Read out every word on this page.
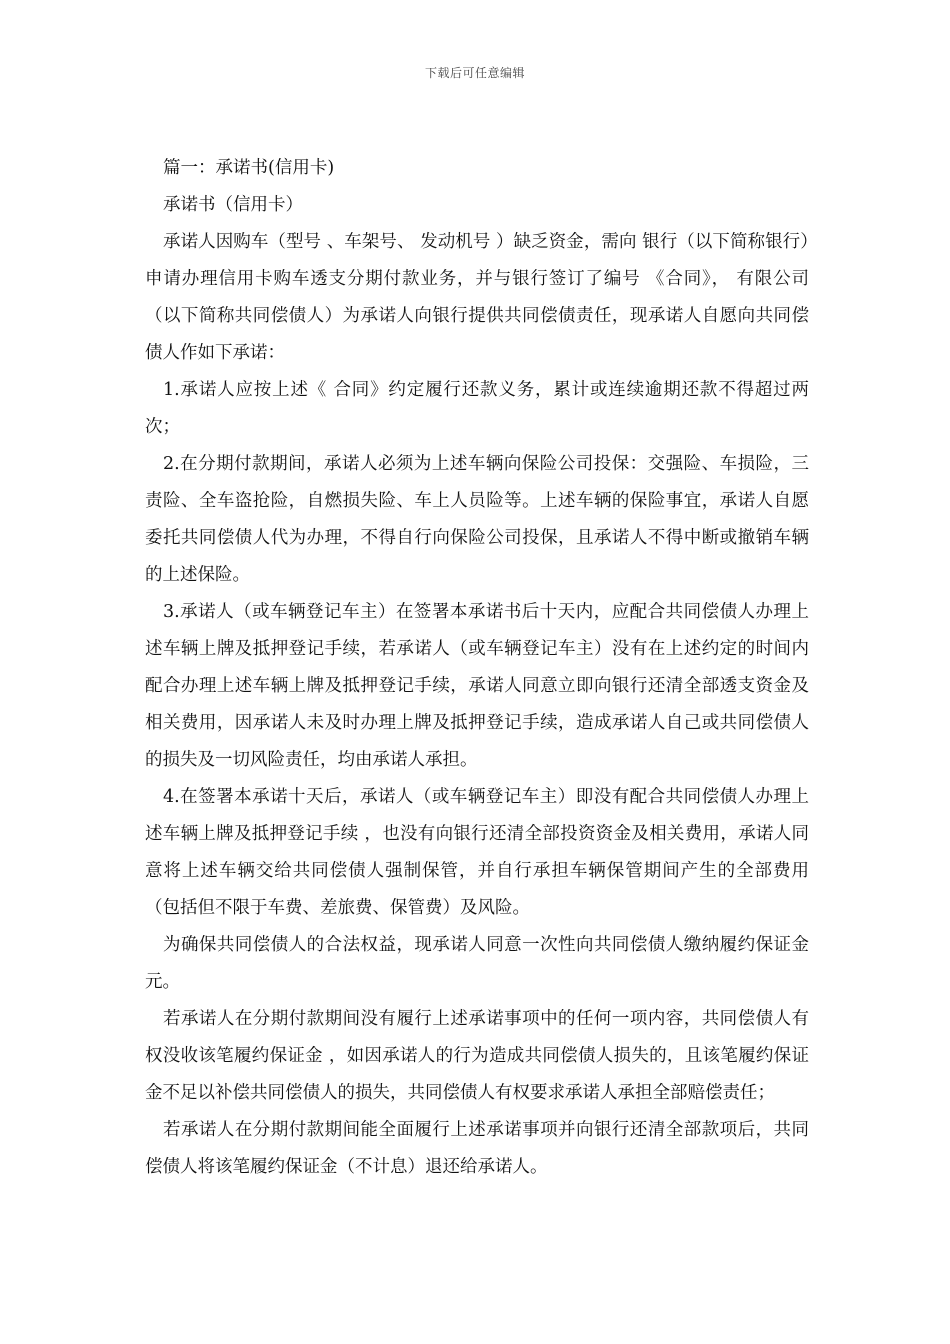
下载后可任意编辑

篇一：承诺书(信用卡)

承诺书（信用卡）

承诺人因购车（型号 、车架号、 发动机号 ）缺乏资金，需向 银行（以下简称银行）申请办理信用卡购车透支分期付款业务，并与银行签订了编号 《合同》， 有限公司（以下简称共同偿债人）为承诺人向银行提供共同偿债责任，现承诺人自愿向共同偿债人作如下承诺：

1.承诺人应按上述《 合同》约定履行还款义务，累计或连续逾期还款不得超过两次；

2.在分期付款期间，承诺人必须为上述车辆向保险公司投保：交强险、车损险，三责险、全车盗抢险，自燃损失险、车上人员险等。上述车辆的保险事宜，承诺人自愿委托共同偿债人代为办理，不得自行向保险公司投保，且承诺人不得中断或撤销车辆的上述保险。

3.承诺人（或车辆登记车主）在签署本承诺书后十天内，应配合共同偿债人办理上述车辆上牌及抵押登记手续，若承诺人（或车辆登记车主）没有在上述约定的时间内配合办理上述车辆上牌及抵押登记手续，承诺人同意立即向银行还清全部透支资金及相关费用，因承诺人未及时办理上牌及抵押登记手续，造成承诺人自己或共同偿债人的损失及一切风险责任，均由承诺人承担。

4.在签署本承诺十天后，承诺人（或车辆登记车主）即没有配合共同偿债人办理上述车辆上牌及抵押登记手续 ，也没有向银行还清全部投资资金及相关费用，承诺人同意将上述车辆交给共同偿债人强制保管，并自行承担车辆保管期间产生的全部费用（包括但不限于车费、差旅费、保管费）及风险。

为确保共同偿债人的合法权益，现承诺人同意一次性向共同偿债人缴纳履约保证金元。

若承诺人在分期付款期间没有履行上述承诺事项中的任何一项内容，共同偿债人有权没收该笔履约保证金 ，如因承诺人的行为造成共同偿债人损失的，且该笔履约保证金不足以补偿共同偿债人的损失，共同偿债人有权要求承诺人承担全部赔偿责任；

若承诺人在分期付款期间能全面履行上述承诺事项并向银行还清全部款项后，共同偿债人将该笔履约保证金（不计息）退还给承诺人。
